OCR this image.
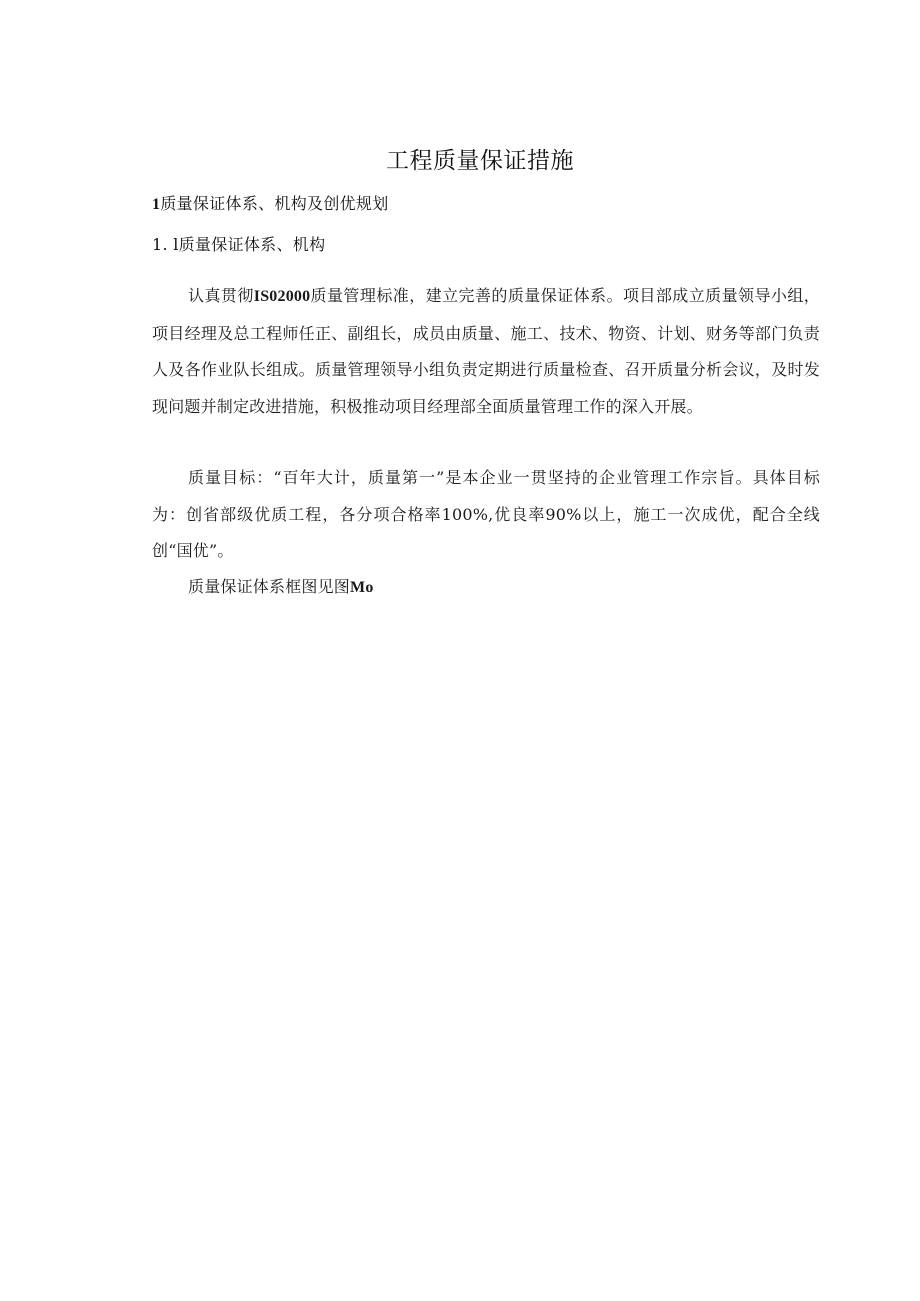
工程质量保证措施
1质量保证体系、机构及创优规划
1. l质量保证体系、机构

认真贯彻IS02000质量管理标准，建立完善的质量保证体系。项目部成立质量领导小组，项目经理及总工程师任正、副组长，成员由质量、施工、技术、物资、计划、财务等部门负责人及各作业队长组成。质量管理领导小组负责定期进行质量检查、召开质量分析会议，及时发现问题并制定改进措施，积极推动项目经理部全面质量管理工作的深入开展。

质量目标：“百年大计，质量第一”是本企业一贯坚持的企业管理工作宗旨。具体目标为：创省部级优质工程，各分项合格率100%,优良率90%以上，施工一次成优，配合全线创“国优”。

质量保证体系框图见图Mo
